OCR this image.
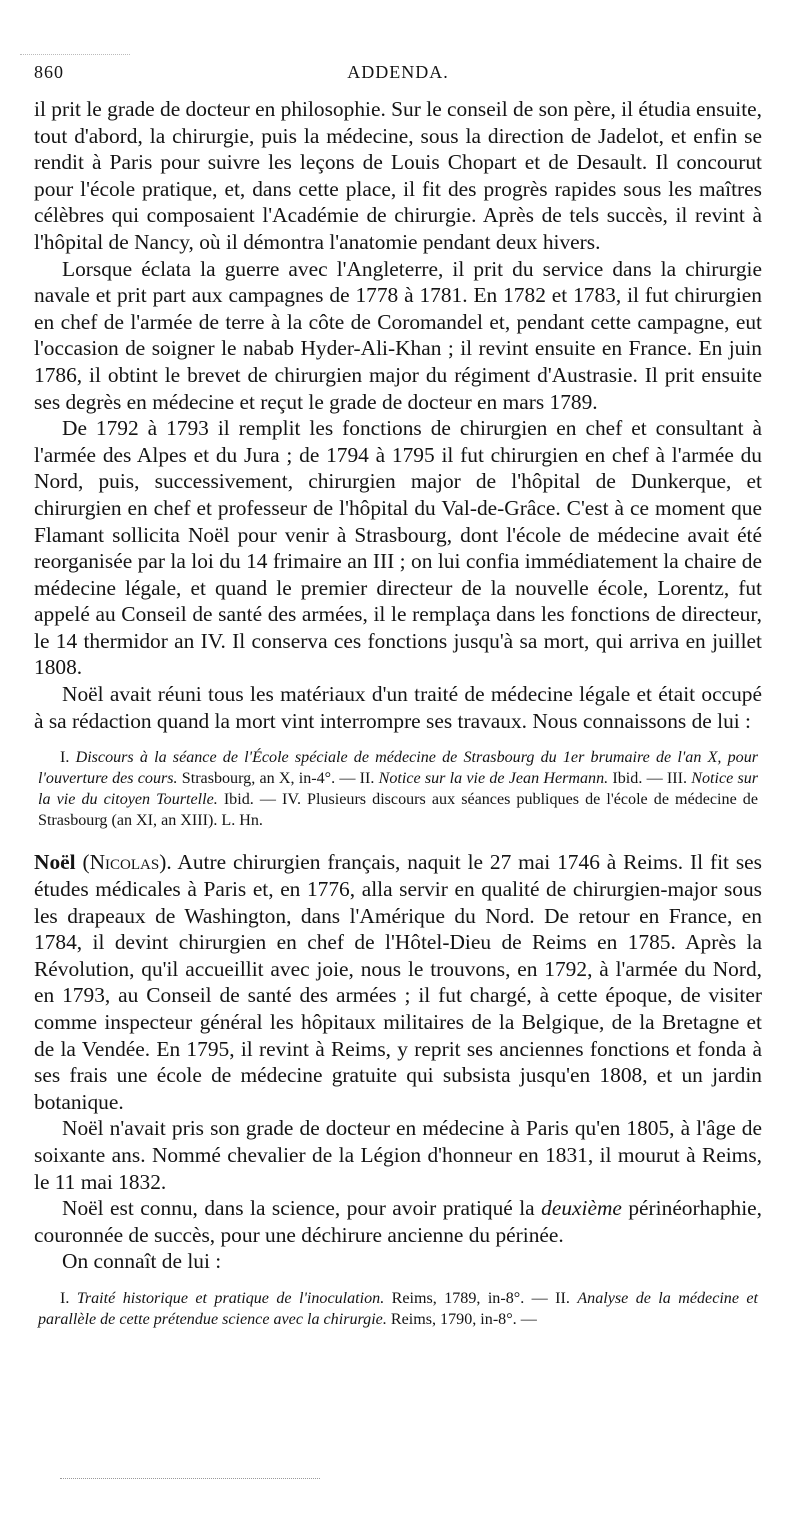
860	ADDENDA.

il prit le grade de docteur en philosophie. Sur le conseil de son père, il étudia ensuite, tout d'abord, la chirurgie, puis la médecine, sous la direction de Jadelot, et enfin se rendit à Paris pour suivre les leçons de Louis Chopart et de Desault. Il concourut pour l'école pratique, et, dans cette place, il fit des progrès rapides sous les maîtres célèbres qui composaient l'Académie de chirurgie. Après de tels succès, il revint à l'hôpital de Nancy, où il démontra l'anatomie pendant deux hivers.

Lorsque éclata la guerre avec l'Angleterre, il prit du service dans la chirurgie navale et prit part aux campagnes de 1778 à 1781. En 1782 et 1783, il fut chirurgien en chef de l'armée de terre à la côte de Coromandel et, pendant cette campagne, eut l'occasion de soigner le nabab Hyder-Ali-Khan ; il revint ensuite en France. En juin 1786, il obtint le brevet de chirurgien major du régiment d'Austrasie. Il prit ensuite ses degrès en médecine et reçut le grade de docteur en mars 1789.

De 1792 à 1793 il remplit les fonctions de chirurgien en chef et consultant à l'armée des Alpes et du Jura ; de 1794 à 1795 il fut chirurgien en chef à l'armée du Nord, puis, successivement, chirurgien major de l'hôpital de Dunkerque, et chirurgien en chef et professeur de l'hôpital du Val-de-Grâce. C'est à ce moment que Flamant sollicita Noël pour venir à Strasbourg, dont l'école de médecine avait été reorganisée par la loi du 14 frimaire an III ; on lui confia immédiatement la chaire de médecine légale, et quand le premier directeur de la nouvelle école, Lorentz, fut appelé au Conseil de santé des armées, il le remplaça dans les fonctions de directeur, le 14 thermidor an IV. Il conserva ces fonctions jusqu'à sa mort, qui arriva en juillet 1808.

Noël avait réuni tous les matériaux d'un traité de médecine légale et était occupé à sa rédaction quand la mort vint interrompre ses travaux. Nous connaissons de lui :

I. Discours à la séance de l'École spéciale de médecine de Strasbourg du 1er brumaire de l'an X, pour l'ouverture des cours. Strasbourg, an X, in-4°. — II. Notice sur la vie de Jean Hermann. Ibid. — III. Notice sur la vie du citoyen Tourtelle. Ibid. — IV. Plusieurs discours aux séances publiques de l'école de médecine de Strasbourg (an XI, an XIII). L. Hn.

Noël (Nicolas). Autre chirurgien français, naquit le 27 mai 1746 à Reims. Il fit ses études médicales à Paris et, en 1776, alla servir en qualité de chirurgien-major sous les drapeaux de Washington, dans l'Amérique du Nord. De retour en France, en 1784, il devint chirurgien en chef de l'Hôtel-Dieu de Reims en 1785. Après la Révolution, qu'il accueillit avec joie, nous le trouvons, en 1792, à l'armée du Nord, en 1793, au Conseil de santé des armées ; il fut chargé, à cette époque, de visiter comme inspecteur général les hôpitaux militaires de la Belgique, de la Bretagne et de la Vendée. En 1795, il revint à Reims, y reprit ses anciennes fonctions et fonda à ses frais une école de médecine gratuite qui subsista jusqu'en 1808, et un jardin botanique.

Noël n'avait pris son grade de docteur en médecine à Paris qu'en 1805, à l'âge de soixante ans. Nommé chevalier de la Légion d'honneur en 1831, il mourut à Reims, le 11 mai 1832.

Noël est connu, dans la science, pour avoir pratiqué la deuxième périnéorhaphie, couronnée de succès, pour une déchirure ancienne du périnée.

On connaît de lui :

I. Traité historique et pratique de l'inoculation. Reims, 1789, in-8°. — II. Analyse de la médecine et parallèle de cette prétendue science avec la chirurgie. Reims, 1790, in-8°. —
